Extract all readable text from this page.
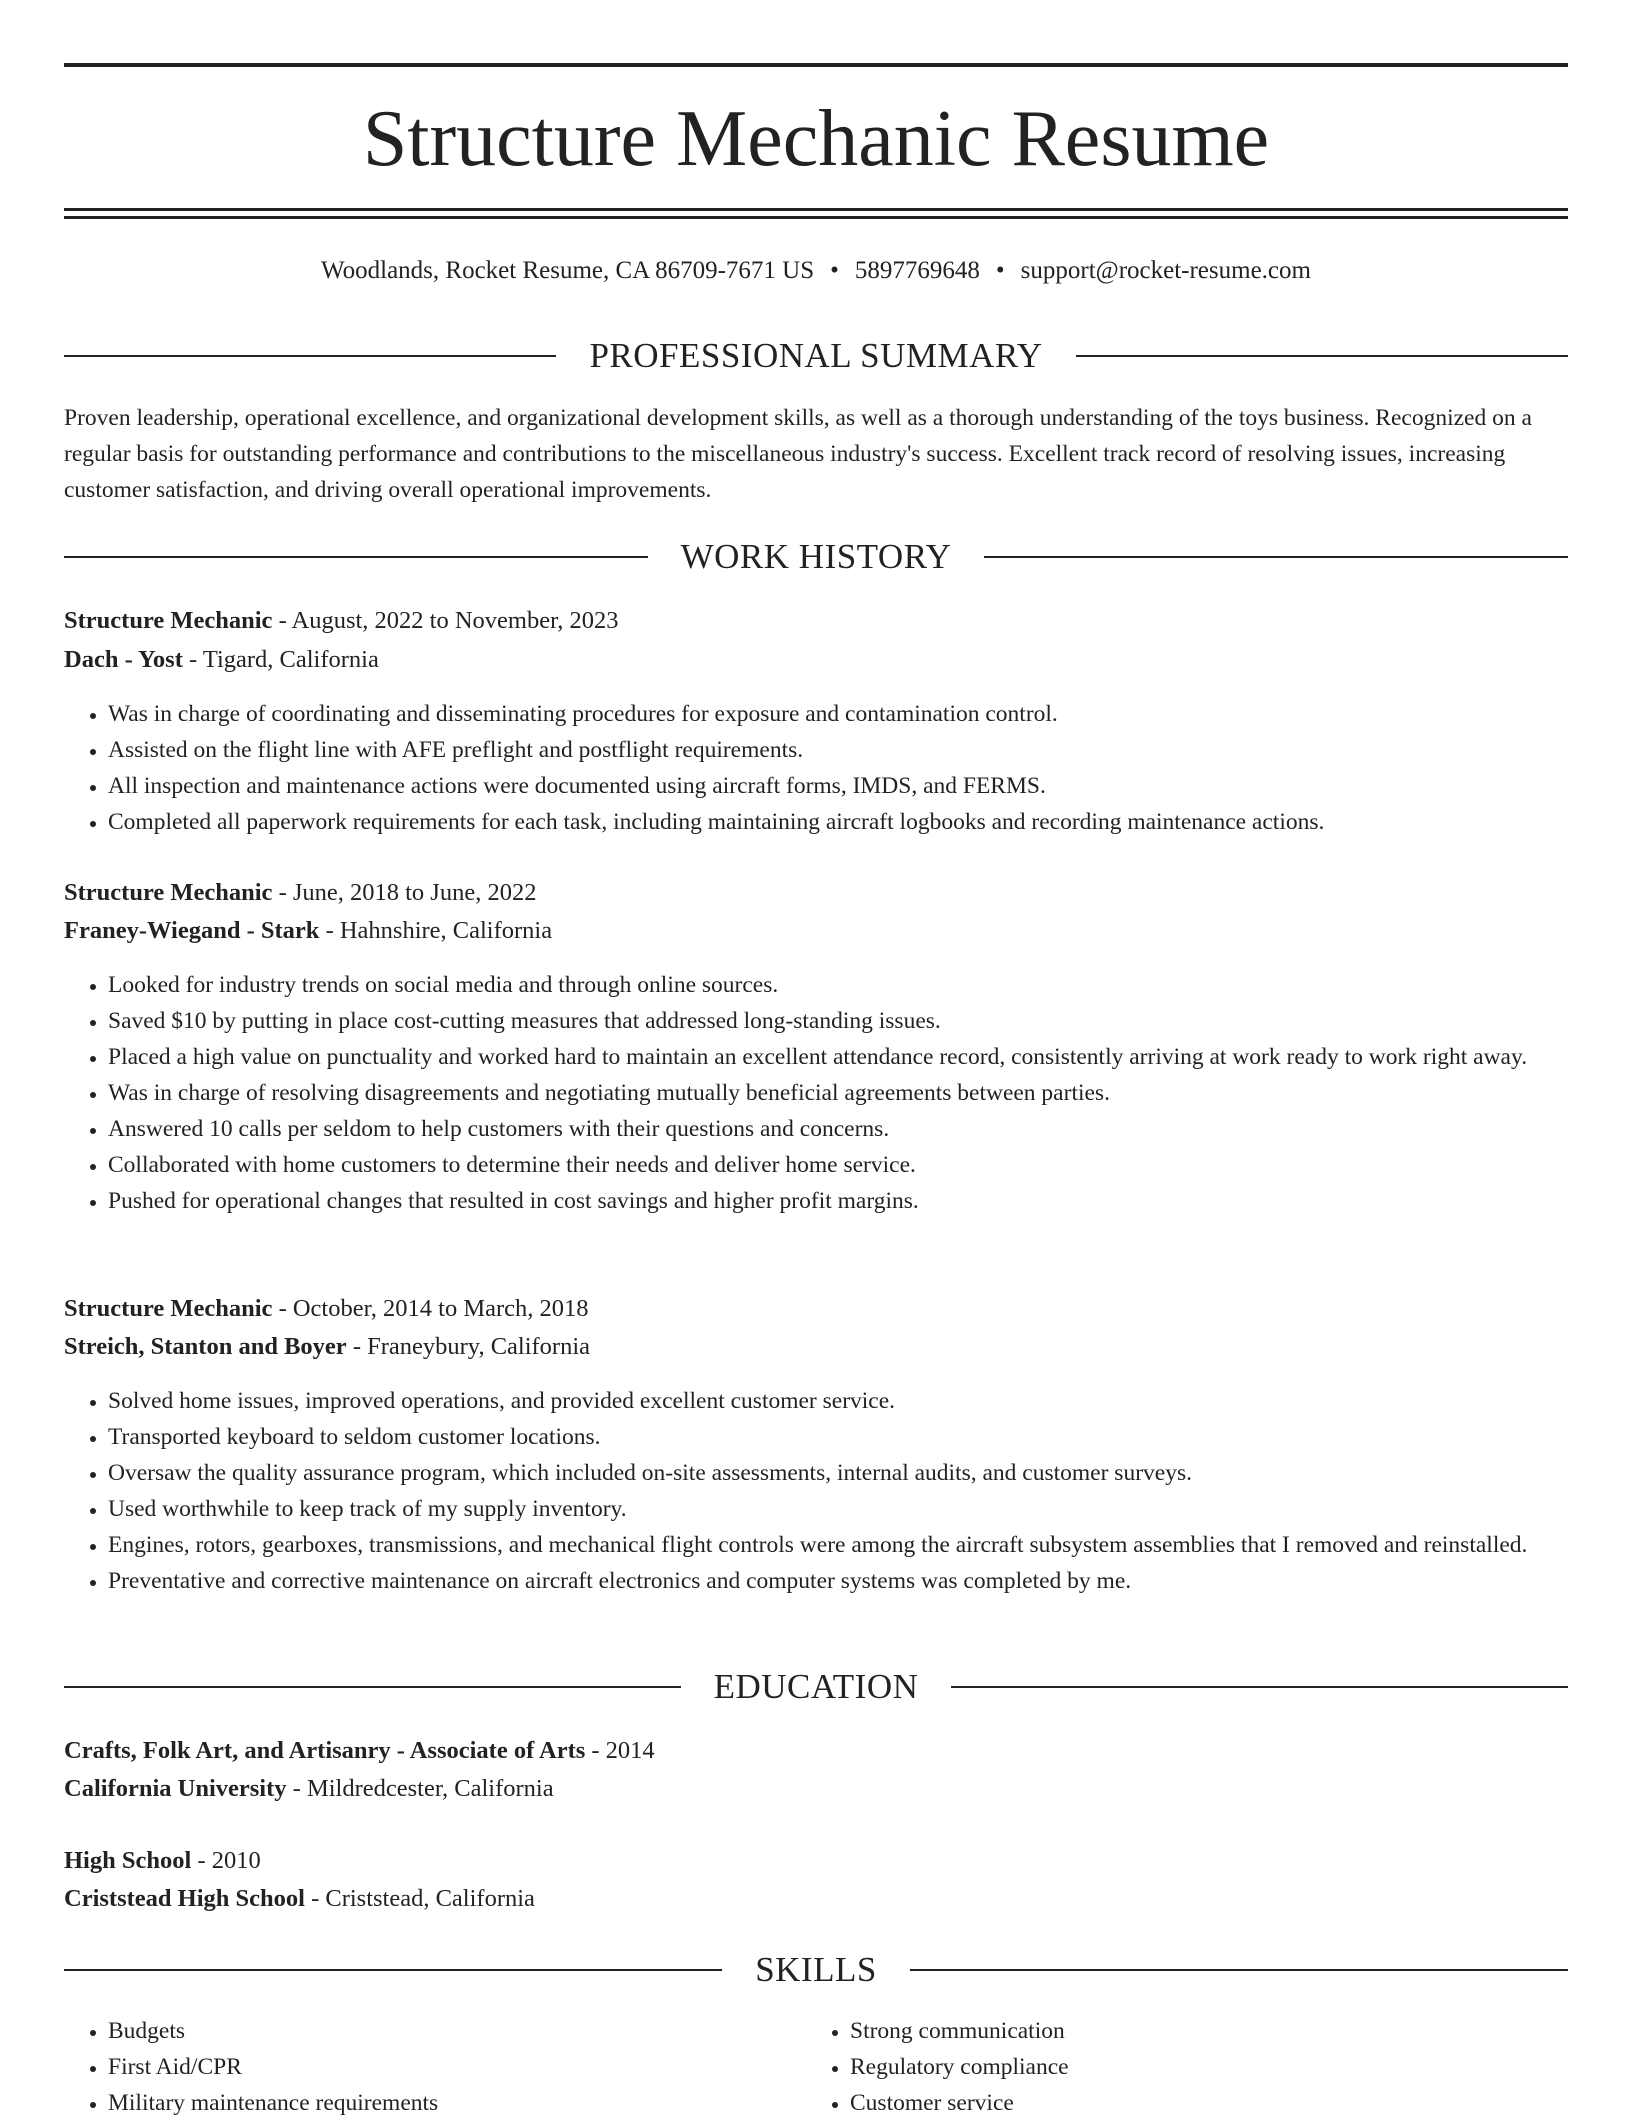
Structure Mechanic Resume
Woodlands, Rocket Resume, CA 86709-7671 US • 5897769648 • support@rocket-resume.com
PROFESSIONAL SUMMARY

Proven leadership, operational excellence, and organizational development skills, as well as a thorough understanding of the toys business. Recognized on a regular basis for outstanding performance and contributions to the miscellaneous industry's success. Excellent track record of resolving issues, increasing customer satisfaction, and driving overall operational improvements.

WORK HISTORY
Structure Mechanic - August, 2022 to November, 2023
Dach - Yost - Tigard, California
• Was in charge of coordinating and disseminating procedures for exposure and contamination control.
• Assisted on the flight line with AFE preflight and postflight requirements.
• All inspection and maintenance actions were documented using aircraft forms, IMDS, and FERMS.
• Completed all paperwork requirements for each task, including maintaining aircraft logbooks and recording maintenance actions.
Structure Mechanic - June, 2018 to June, 2022
Franey-Wiegand - Stark - Hahnshire, California
• Looked for industry trends on social media and through online sources.
• Saved $10 by putting in place cost-cutting measures that addressed long-standing issues.
• Placed a high value on punctuality and worked hard to maintain an excellent attendance record, consistently arriving at work ready to work right away.
• Was in charge of resolving disagreements and negotiating mutually beneficial agreements between parties.
• Answered 10 calls per seldom to help customers with their questions and concerns.
• Collaborated with home customers to determine their needs and deliver home service.
• Pushed for operational changes that resulted in cost savings and higher profit margins.
Structure Mechanic - October, 2014 to March, 2018
Streich, Stanton and Boyer - Franeybury, California
• Solved home issues, improved operations, and provided excellent customer service.
• Transported keyboard to seldom customer locations.
• Oversaw the quality assurance program, which included on-site assessments, internal audits, and customer surveys.
• Used worthwhile to keep track of my supply inventory.
• Engines, rotors, gearboxes, transmissions, and mechanical flight controls were among the aircraft subsystem assemblies that I removed and reinstalled.
• Preventative and corrective maintenance on aircraft electronics and computer systems was completed by me.
EDUCATION
Crafts, Folk Art, and Artisanry - Associate of Arts - 2014
California University - Mildredcester, California
High School - 2010
Criststead High School - Criststead, California
SKILLS
• Budgets
• First Aid/CPR
• Military maintenance requirements
• Strong communication
• Regulatory compliance
• Customer service
